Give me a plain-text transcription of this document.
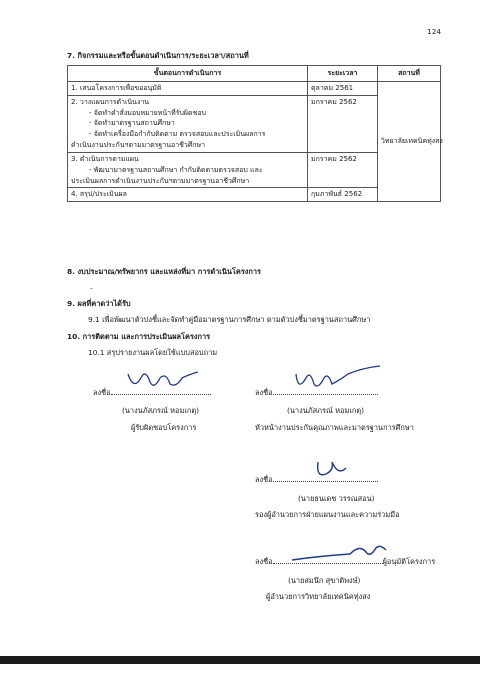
124
7. กิจกรรมและหรือขั้นตอนดำเนินการ/ระยะเวลา/สถานที่
ขั้นตอนการดำเนินการ	ระยะเวลา	สถานที่
1. เสนอโครงการเพื่อขออนุมัติ	ตุลาคม 2561	วิทยาลัยเทคนิคทุ่งสง
2. วางแผนการดำเนินงาน
- จัดทำคำสั่งมอบหมายหน้าที่รับผิดชอบ
- จัดทำมาตรฐานสถานศึกษา
- จัดทำเครื่องมือกำกับติดตาม ตรวจสอบและประเมินผลการ
ดำเนินงานประกันฯตามมาตรฐานอาชีวศึกษา	มกราคม 2562	
3. ดำเนินการตามแผน
- พัฒนามาตรฐานสถานศึกษา กำกับติดตามตรวจสอบ และ
ประเมินผลการดำเนินงานประกันฯตามมาตรฐานอาชีวศึกษา	มกราคม 2562	
4. สรุป/ประเมินผล	กุมภาพันธ์ 2562	
8. งบประมาณ/ทรัพยากร และแหล่งที่มา การดำเนินโครงการ
-
9. ผลที่คาดว่าได้รับ
9.1 เพื่อพัฒนาตัวบ่งชี้และจัดทำคู่มือมาตรฐานการศึกษา ตามตัวบ่งชี้มาตรฐานสถานศึกษา
10. การติดตาม และการประเมินผลโครงการ
10.1 สรุปรายงานผลโดยใช้แบบสอบถาม
ลงชื่อ
(นางนภัสภรณ์ หอมเกตุ)
ผู้รับผิดชอบโครงการ
ลงชื่อ
(นางนภัสภรณ์ หอมเกตุ)
หัวหน้างานประกันคุณภาพและมาตรฐานการศึกษา
ลงชื่อ
(นายธนเดช วรรณสอน)
รองผู้อำนวยการฝ่ายแผนงานและความร่วมมือ
ลงชื่อ	ผู้อนุมัติโครงการ
(นายสมนึก สุขาติพงษ์)
ผู้อำนวยการวิทยาลัยเทคนิคทุ่งสง
